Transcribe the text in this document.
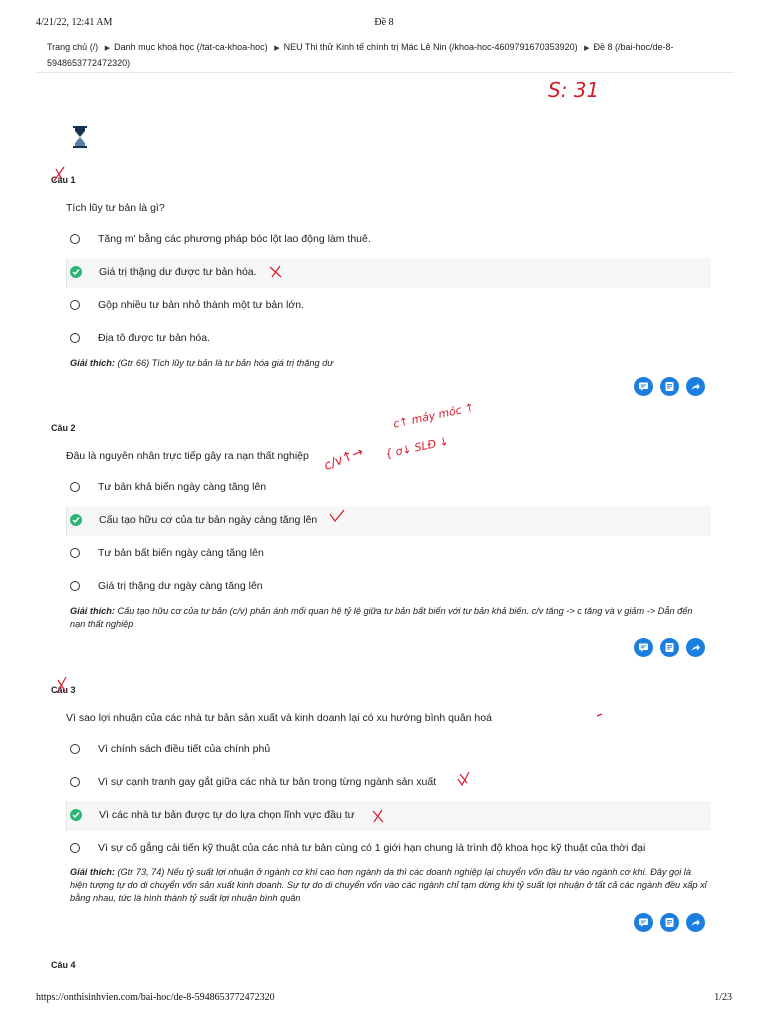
4/21/22, 12:41 AM	Đề 8
Trang chủ (/) ▶ Danh mục khoá học (/tat-ca-khoa-hoc) ▶ NEU Thi thử Kinh tế chính trị Mác Lê Nin (/khoa-hoc-4609791670353920) ▶ Đề 8 (/bai-hoc/de-8-5948653772472320)
S: 31
Câu 1
Tích lũy tư bản là gì?
Tăng m' bằng các phương pháp bóc lột lao động làm thuê.
Giá trị thặng dư được tư bản hóa.
Gộp nhiều tư bản nhỏ thành một tư bản lớn.
Địa tô được tư bản hóa.
Giải thích: (Gtr 66) Tích lũy tư bản là tư bản hóa giá trị thặng dư
Câu 2
Đâu là nguyên nhân trực tiếp gây ra nạn thất nghiệp
Tư bản khả biến ngày càng tăng lên
Cấu tạo hữu cơ của tư bản ngày càng tăng lên
Tư bản bất biến ngày càng tăng lên
Giá trị thặng dư ngày càng tăng lên
Giải thích: Cấu tạo hữu cơ của tư bản (c/v) phản ánh mối quan hệ tỷ lệ giữa tư bản bất biến với tư bản khả biến. c/v tăng -> c tăng và v giảm -> Dẫn đến nạn thất nghiệp
c/v↑→
c↑ máy móc ↑
{ ơ↓ SLĐ ↓
Câu 3
Vì sao lợi nhuận của các nhà tư bản sản xuất và kinh doanh lại có xu hướng bình quân hoá
Vì chính sách điều tiết của chính phủ
Vì sự cạnh tranh gay gắt giữa các nhà tư bản trong từng ngành sản xuất
Vì các nhà tư bản được tự do lựa chọn lĩnh vực đầu tư
Vì sự cố gắng cải tiến kỹ thuật của các nhà tư bản cùng có 1 giới hạn chung là trình độ khoa học kỹ thuật của thời đại
Giải thích: (Gtr 73, 74) Nếu tỷ suất lợi nhuận ở ngành cơ khí cao hơn ngành da thì các doanh nghiệp lại chuyển vốn đầu tư vào ngành cơ khí. Đây gọi là hiện tượng tự do di chuyển vốn sản xuất kinh doanh. Sự tự do di chuyển vốn vào các ngành chỉ tạm dừng khi tỷ suất lợi nhuận ở tất cả các ngành đều xấp xỉ bằng nhau, tức là hình thành tỷ suất lợi nhuận bình quân
Câu 4
https://onthisinhvien.com/bai-hoc/de-8-5948653772472320	1/23
